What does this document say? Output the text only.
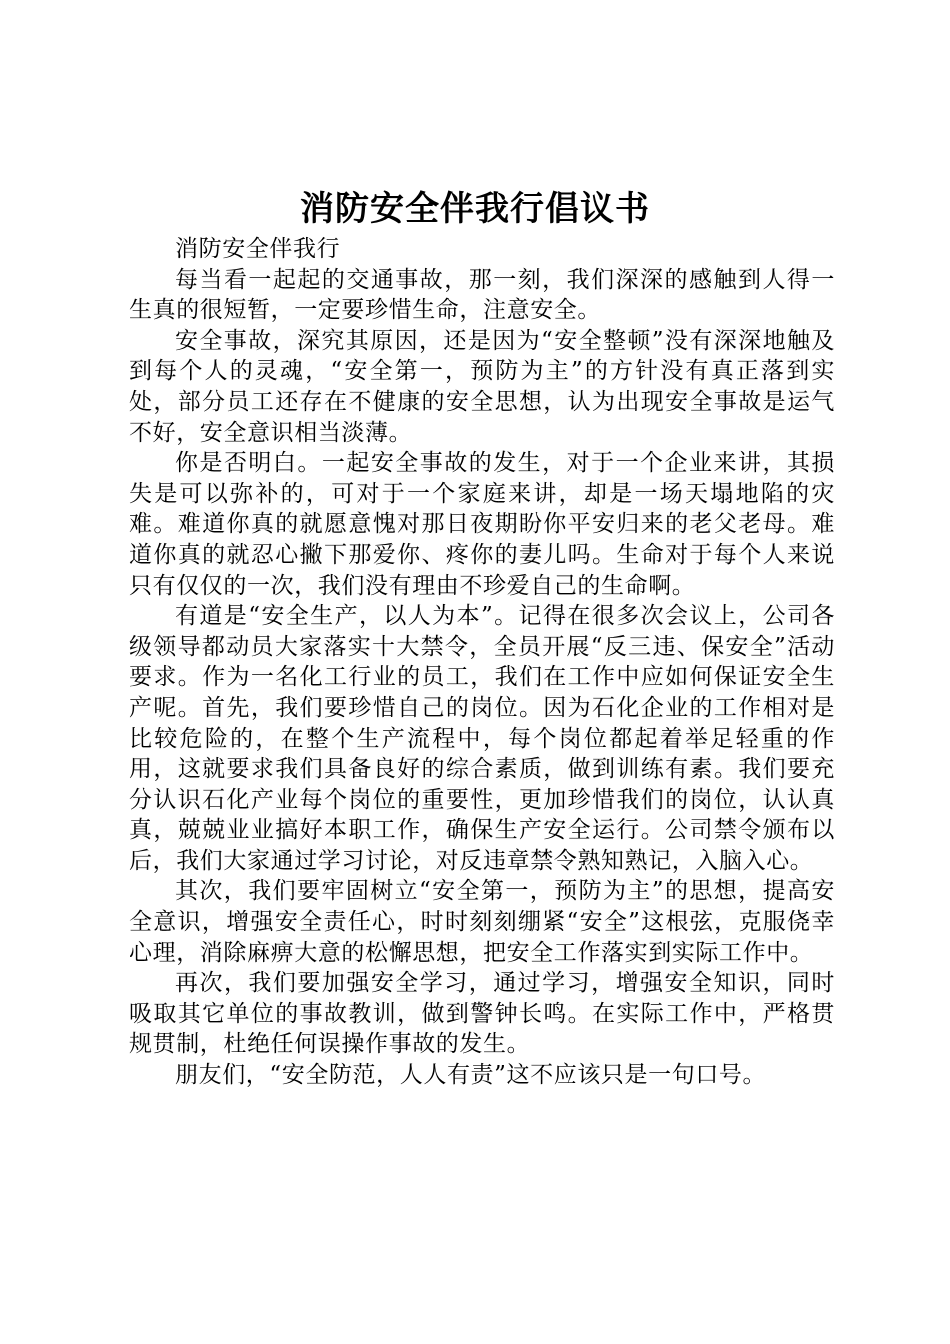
消防安全伴我行倡议书

消防安全伴我行

每当看一起起的交通事故，那一刻，我们深深的感触到人得一生真的很短暂，一定要珍惜生命，注意安全。

安全事故，深究其原因，还是因为“安全整顿”没有深深地触及到每个人的灵魂，“安全第一，预防为主”的方针没有真正落到实处，部分员工还存在不健康的安全思想，认为出现安全事故是运气不好，安全意识相当淡薄。

你是否明白。一起安全事故的发生，对于一个企业来讲，其损失是可以弥补的，可对于一个家庭来讲，却是一场天塌地陷的灾难。难道你真的就愿意愧对那日夜期盼你平安归来的老父老母。难道你真的就忍心撇下那爱你、疼你的妻儿吗。生命对于每个人来说只有仅仅的一次，我们没有理由不珍爱自己的生命啊。

有道是“安全生产，以人为本”。记得在很多次会议上，公司各级领导都动员大家落实十大禁令，全员开展“反三违、保安全”活动要求。作为一名化工行业的员工，我们在工作中应如何保证安全生产呢。首先，我们要珍惜自己的岗位。因为石化企业的工作相对是比较危险的，在整个生产流程中，每个岗位都起着举足轻重的作用，这就要求我们具备良好的综合素质，做到训练有素。我们要充分认识石化产业每个岗位的重要性，更加珍惜我们的岗位，认认真真，兢兢业业搞好本职工作，确保生产安全运行。公司禁令颁布以后，我们大家通过学习讨论，对反违章禁令熟知熟记，入脑入心。

其次，我们要牢固树立“安全第一，预防为主”的思想，提高安全意识，增强安全责任心，时时刻刻绷紧“安全”这根弦，克服侥幸心理，消除麻痹大意的松懈思想，把安全工作落实到实际工作中。

再次，我们要加强安全学习，通过学习，增强安全知识，同时吸取其它单位的事故教训，做到警钟长鸣。在实际工作中，严格贯规贯制，杜绝任何误操作事故的发生。

朋友们，“安全防范，人人有责”这不应该只是一句口号。
